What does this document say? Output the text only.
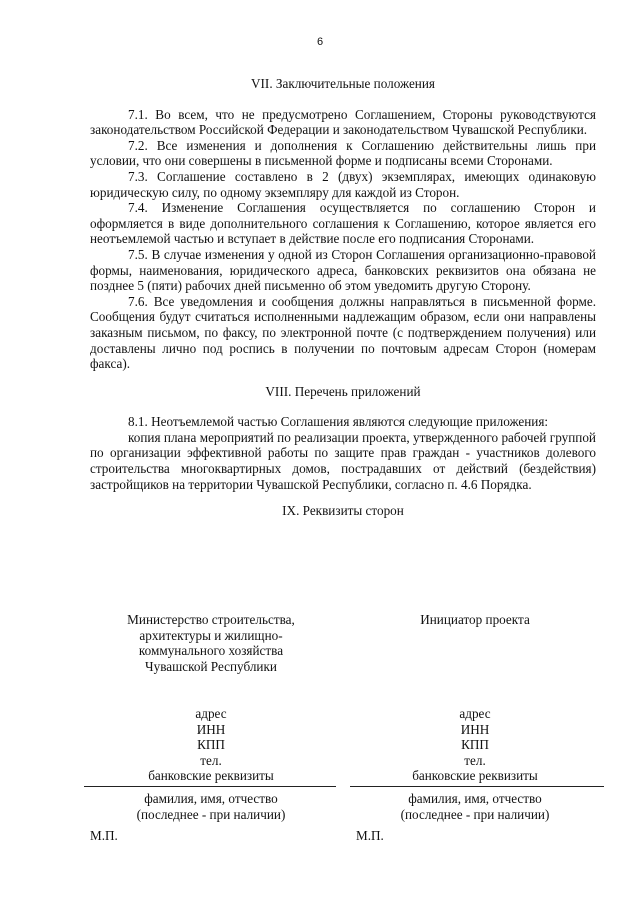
6
VII. Заключительные положения

7.1. Во всем, что не предусмотрено Соглашением, Стороны руководствуются законодательством Российской Федерации и законодательством Чувашской Республики.

7.2. Все изменения и дополнения к Соглашению действительны лишь при условии, что они совершены в письменной форме и подписаны всеми Сторонами.

7.3. Соглашение составлено в 2 (двух) экземплярах, имеющих одинаковую юридическую силу, по одному экземпляру для каждой из Сторон.

7.4. Изменение Соглашения осуществляется по соглашению Сторон и оформляется в виде дополнительного соглашения к Соглашению, которое является его неотъемлемой частью и вступает в действие после его подписания Сторонами.

7.5. В случае изменения у одной из Сторон Соглашения организационно-правовой формы, наименования, юридического адреса, банковских реквизитов она обязана не позднее 5 (пяти) рабочих дней письменно об этом уведомить другую Сторону.

7.6. Все уведомления и сообщения должны направляться в письменной форме. Сообщения будут считаться исполненными надлежащим образом, если они направлены заказным письмом, по факсу, по электронной почте (с подтверждением получения) или доставлены лично под роспись в получении по почтовым адресам Сторон (номерам факса).

VIII. Перечень приложений

8.1. Неотъемлемой частью Соглашения являются следующие приложения:

копия плана мероприятий по реализации проекта, утвержденного рабочей группой по организации эффективной работы по защите прав граждан - участников долевого строительства многоквартирных домов, пострадавших от действий (бездействия) застройщиков на территории Чувашской Республики, согласно п. 4.6 Порядка.

IX. Реквизиты сторон
Министерство строительства,
архитектуры и жилищно-
коммунального хозяйства
Чувашской Республики
адрес
ИНН
КПП
тел.
банковские реквизиты
Инициатор проекта
адрес
ИНН
КПП
тел.
банковские реквизиты
фамилия, имя, отчество
(последнее - при наличии)
фамилия, имя, отчество
(последнее - при наличии)
М.П.	М.П.
